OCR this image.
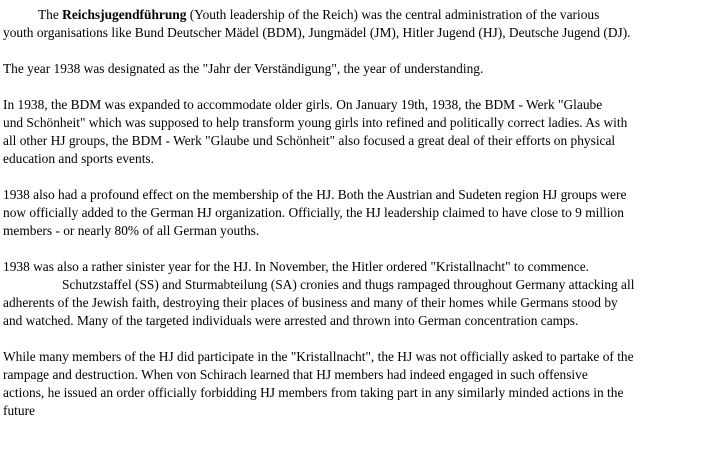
The Reichsjugendführung (Youth leadership of the Reich) was the central administration of the various
youth organisations like Bund Deutscher Mädel (BDM), Jungmädel (JM), Hitler Jugend (HJ), Deutsche Jugend (DJ).
The year 1938 was designated as the "Jahr der Verständigung", the year of understanding.
In 1938, the BDM was expanded to accommodate older girls. On January 19th, 1938, the BDM - Werk "Glaube
und Schönheit" which was supposed to help transform young girls into refined and politically correct ladies. As with
all other HJ groups, the BDM - Werk "Glaube und Schönheit" also focused a great deal of their efforts on physical
education and sports events.
1938 also had a profound effect on the membership of the HJ. Both the Austrian and Sudeten region HJ groups were
now officially added to the German HJ organization. Officially, the HJ leadership claimed to have close to 9 million
members - or nearly 80% of all German youths.
1938 was also a rather sinister year for the HJ. In November, the Hitler ordered "Kristallnacht" to commence.
Schutzstaffel (SS) and Sturmabteilung (SA) cronies and thugs rampaged throughout Germany attacking all
adherents of the Jewish faith, destroying their places of business and many of their homes while Germans stood by
and watched. Many of the targeted individuals were arrested and thrown into German concentration camps.
While many members of the HJ did participate in the "Kristallnacht", the HJ was not officially asked to partake of the
rampage and destruction. When von Schirach learned that HJ members had indeed engaged in such offensive
actions, he issued an order officially forbidding HJ members from taking part in any similarly minded actions in the
future
